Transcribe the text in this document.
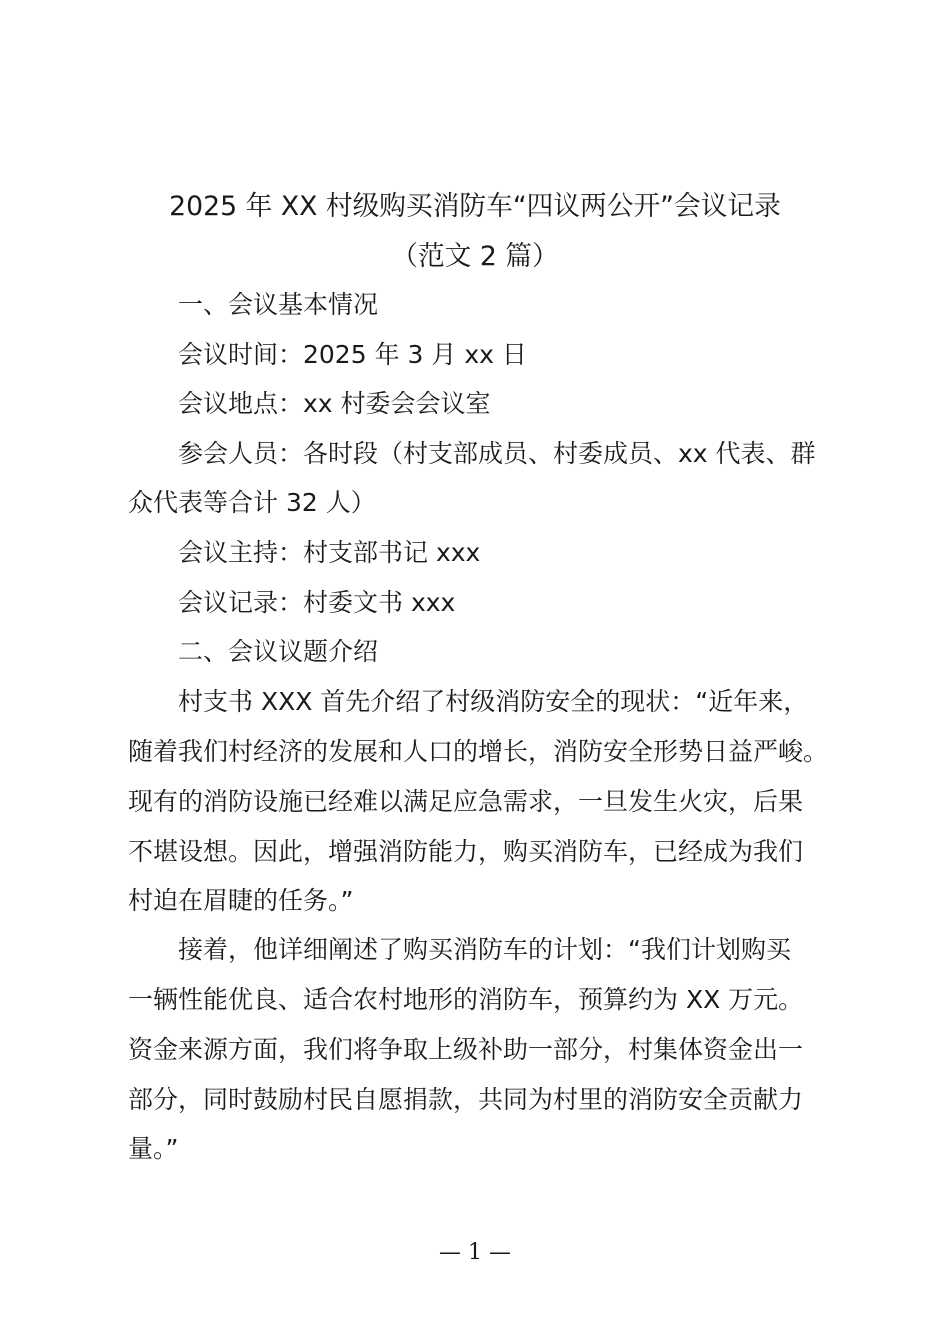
2025 年 XX 村级购买消防车“四议两公开”会议记录
（范文 2 篇）
一、会议基本情况
会议时间：2025 年 3 月 xx 日
会议地点：xx 村委会会议室
参会人员：各时段（村支部成员、村委成员、xx 代表、群
众代表等合计 32 人）
会议主持：村支部书记 xxx
会议记录：村委文书 xxx
二、会议议题介绍
村支书 XXX 首先介绍了村级消防安全的现状：“近年来，
随着我们村经济的发展和人口的增长，消防安全形势日益严峻。
现有的消防设施已经难以满足应急需求，一旦发生火灾，后果
不堪设想。因此，增强消防能力，购买消防车，已经成为我们
村迫在眉睫的任务。”
接着，他详细阐述了购买消防车的计划：“我们计划购买
一辆性能优良、适合农村地形的消防车，预算约为 XX 万元。
资金来源方面，我们将争取上级补助一部分，村集体资金出一
部分，同时鼓励村民自愿捐款，共同为村里的消防安全贡献力
量。”
— 1 —
